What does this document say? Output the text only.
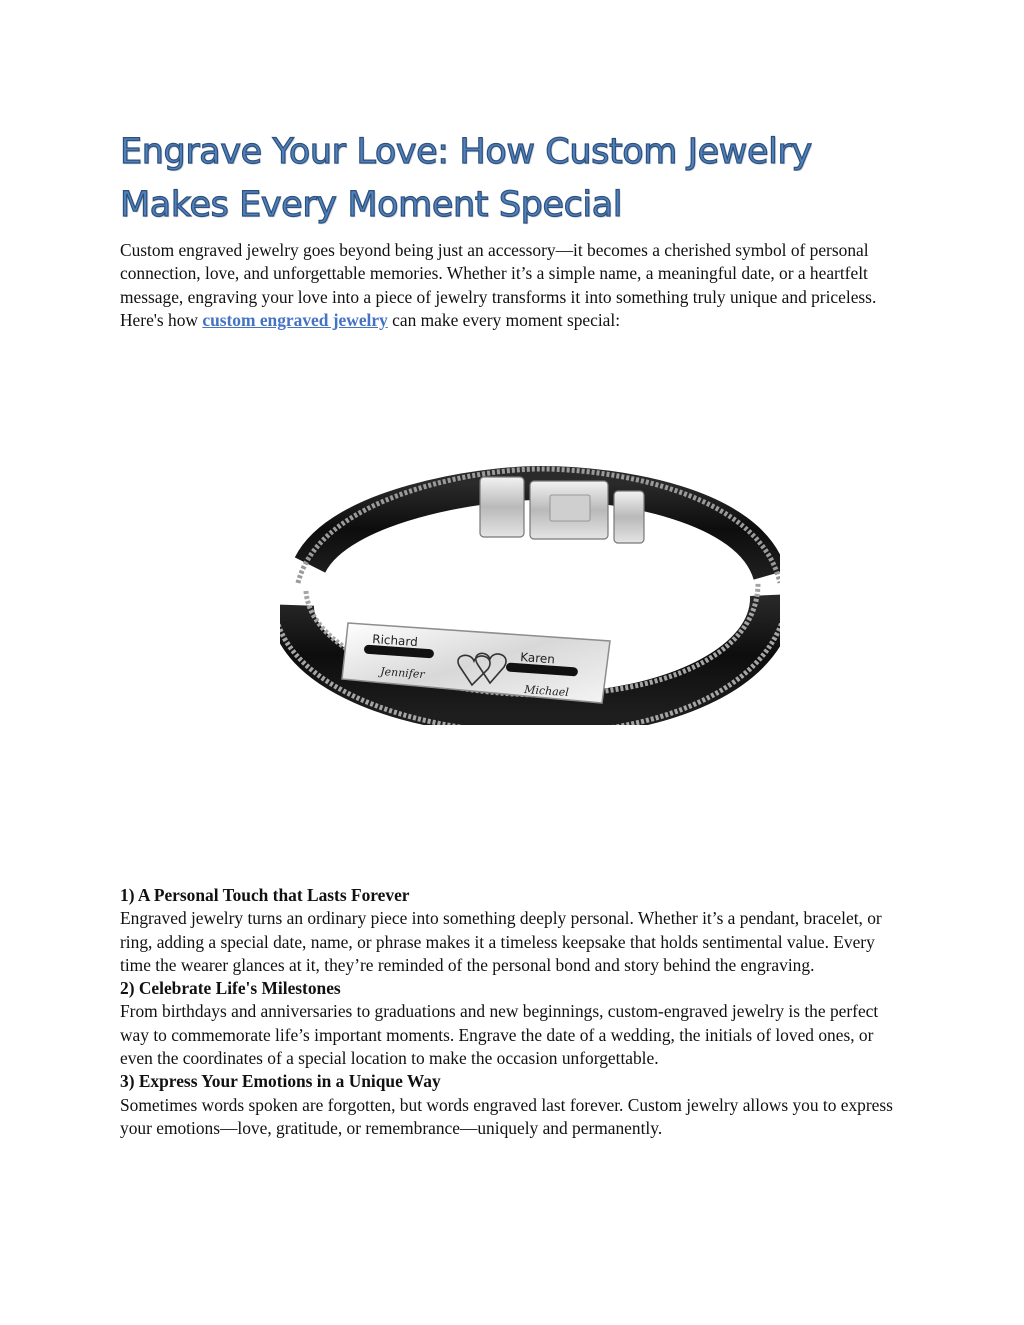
Engrave Your Love: How Custom Jewelry Makes Every Moment Special

Custom engraved jewelry goes beyond being just an accessory—it becomes a cherished symbol of personal connection, love, and unforgettable memories. Whether it’s a simple name, a meaningful date, or a heartfelt message, engraving your love into a piece of jewelry transforms it into something truly unique and priceless. Here's how custom engraved jewelry can make every moment special:

Richard
Jennifer
Karen
Michael

1) A Personal Touch that Lasts Forever

Engraved jewelry turns an ordinary piece into something deeply personal. Whether it’s a pendant, bracelet, or ring, adding a special date, name, or phrase makes it a timeless keepsake that holds sentimental value. Every time the wearer glances at it, they’re reminded of the personal bond and story behind the engraving.

2) Celebrate Life's Milestones

From birthdays and anniversaries to graduations and new beginnings, custom-engraved jewelry is the perfect way to commemorate life’s important moments. Engrave the date of a wedding, the initials of loved ones, or even the coordinates of a special location to make the occasion unforgettable.

3) Express Your Emotions in a Unique Way

Sometimes words spoken are forgotten, but words engraved last forever. Custom jewelry allows you to express your emotions—love, gratitude, or remembrance—uniquely and permanently.
